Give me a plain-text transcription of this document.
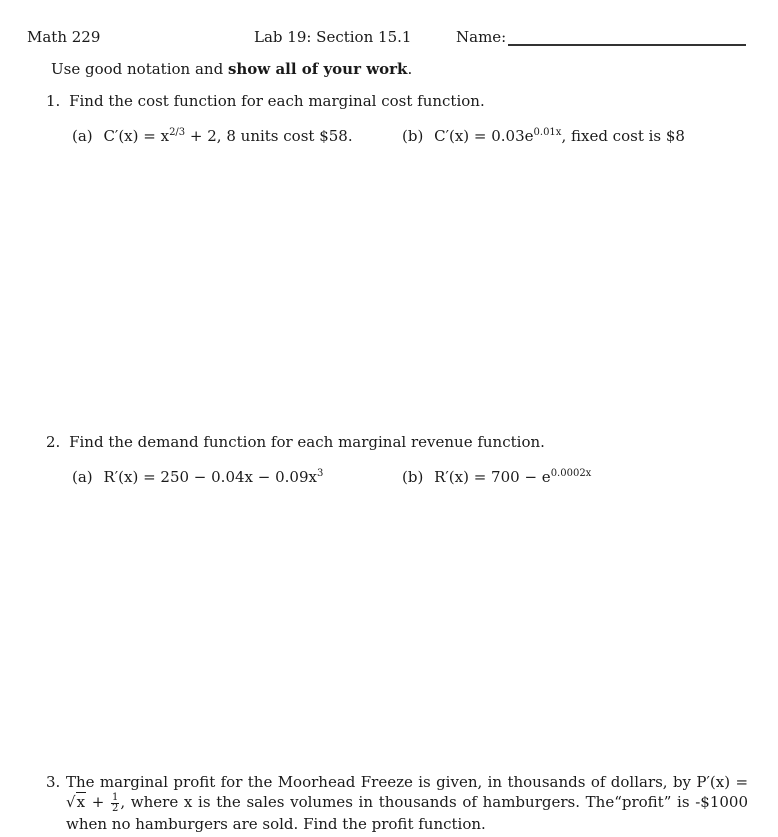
Math 229	Lab 19: Section 15.1	Name:
Use good notation and show all of your work.
1. Find the cost function for each marginal cost function.
(a) $C'(x) = x^{2/3} + 2$, 8 units cost $58.	(b) $C'(x) = 0.03e^{0.01x}$, fixed cost is $8
2. Find the demand function for each marginal revenue function.
(a) $R'(x) = 250 - 0.04x - 0.09x^3$	(b) $R'(x) = 700 - e^{0.0002x}$
3. The marginal profit for the Moorhead Freeze is given, in thousands of dollars, by $P'(x) = √x + \frac{1}{2}$ , where x is the sales volumes in thousands of hamburgers. The“profit” is -$1000 when no hamburgers are sold. Find the profit function.
